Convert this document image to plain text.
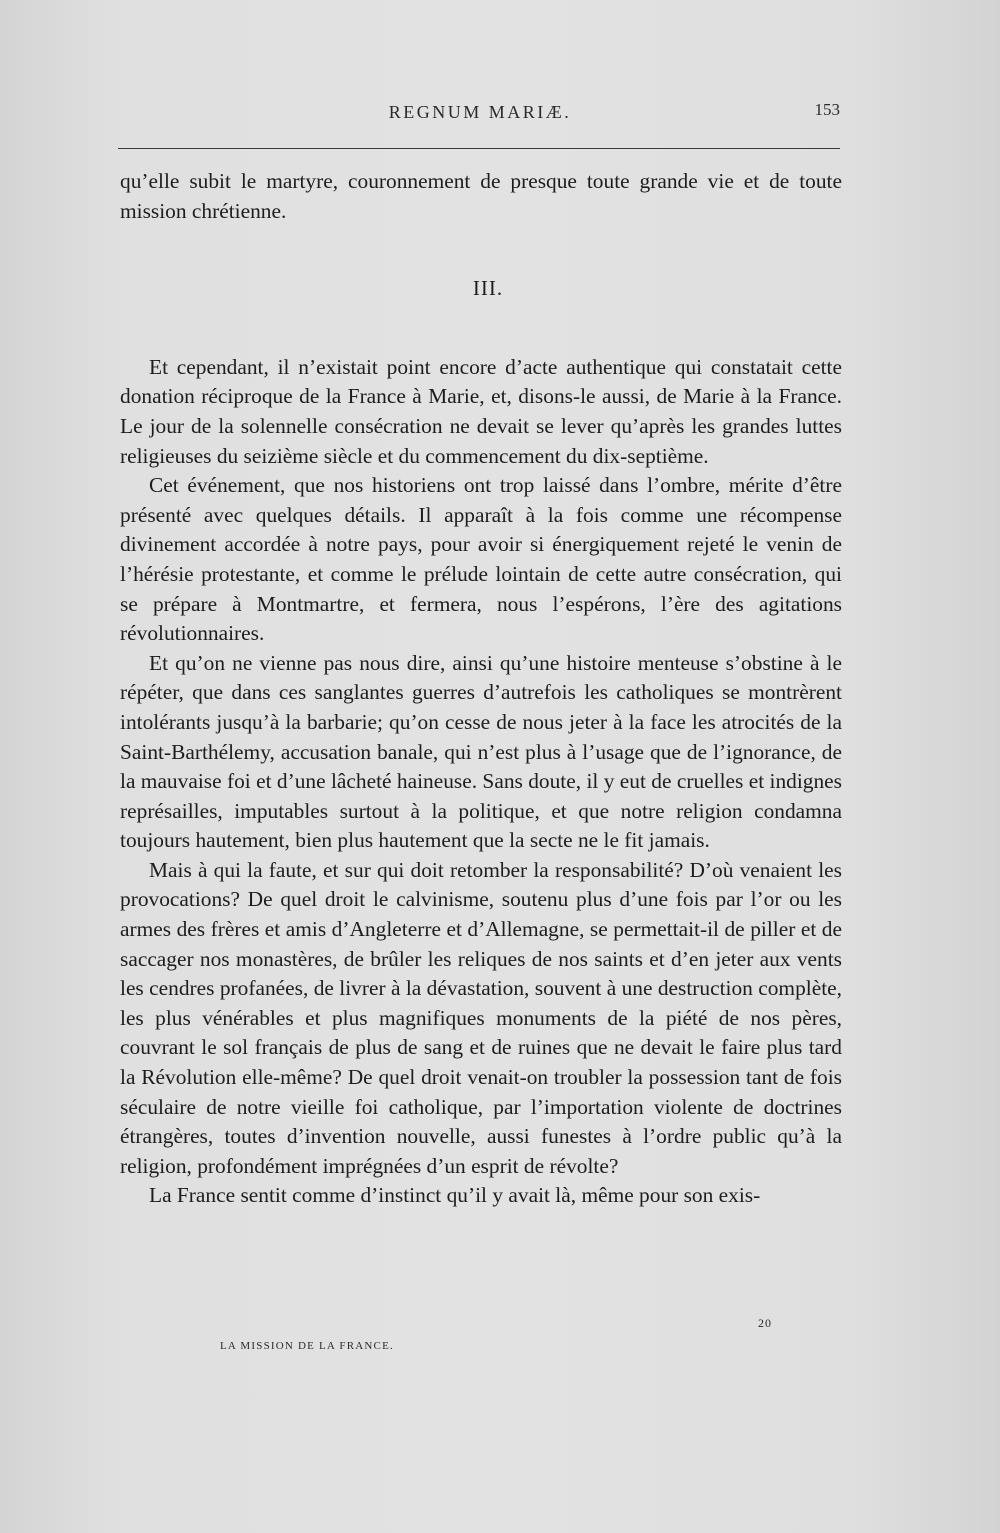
REGNUM MARIÆ.	153

qu’elle subit le martyre, couronnement de presque toute grande vie et de toute mission chrétienne.

III.

Et cependant, il n’existait point encore d’acte authentique qui constatait cette donation réciproque de la France à Marie, et, disons-le aussi, de Marie à la France. Le jour de la solennelle consécration ne devait se lever qu’après les grandes luttes religieuses du seizième siècle et du commencement du dix-septième.

Cet événement, que nos historiens ont trop laissé dans l’ombre, mérite d’être présenté avec quelques détails. Il apparaît à la fois comme une récompense divinement accordée à notre pays, pour avoir si énergiquement rejeté le venin de l’hérésie protestante, et comme le prélude lointain de cette autre consécration, qui se prépare à Montmartre, et fermera, nous l’espérons, l’ère des agitations révolutionnaires.

Et qu’on ne vienne pas nous dire, ainsi qu’une histoire menteuse s’obstine à le répéter, que dans ces sanglantes guerres d’autrefois les catholiques se montrèrent intolérants jusqu’à la barbarie; qu’on cesse de nous jeter à la face les atrocités de la Saint-Barthélemy, accusation banale, qui n’est plus à l’usage que de l’ignorance, de la mauvaise foi et d’une lâcheté haineuse. Sans doute, il y eut de cruelles et indignes représailles, imputables surtout à la politique, et que notre religion condamna toujours hautement, bien plus hautement que la secte ne le fit jamais.

Mais à qui la faute, et sur qui doit retomber la responsabilité? D’où venaient les provocations? De quel droit le calvinisme, soutenu plus d’une fois par l’or ou les armes des frères et amis d’Angleterre et d’Allemagne, se permettait-il de piller et de saccager nos monastères, de brûler les reliques de nos saints et d’en jeter aux vents les cendres profanées, de livrer à la dévastation, souvent à une destruction complète, les plus vénérables et plus magnifiques monuments de la piété de nos pères, couvrant le sol français de plus de sang et de ruines que ne devait le faire plus tard la Révolution elle-même? De quel droit venait-on troubler la possession tant de fois séculaire de notre vieille foi catholique, par l’importation violente de doctrines étrangères, toutes d’invention nouvelle, aussi funestes à l’ordre public qu’à la religion, profondément imprégnées d’un esprit de révolte?

La France sentit comme d’instinct qu’il y avait là, même pour son exis-

20
LA MISSION DE LA FRANCE.
